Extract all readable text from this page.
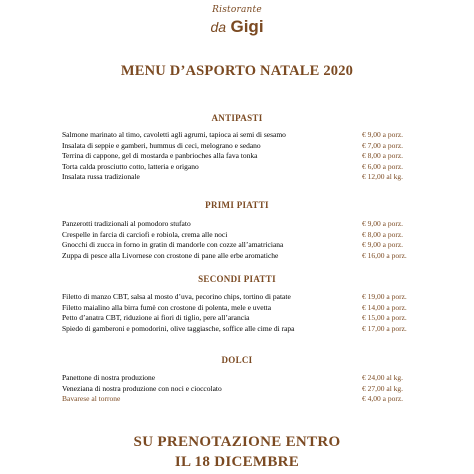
Ristorante
da Gigi
MENU D’ASPORTO NATALE 2020
ANTIPASTI
Salmone marinato al timo, cavoletti agli agrumi, tapioca ai semi di sesamo	€ 9,00 a porz.
Insalata di seppie e gamberi, hummus di ceci, melograno e sedano	€ 7,00 a porz.
Terrina di cappone, gel di mostarda e panbrioches alla fava tonka	€ 8,00 a porz.
Torta calda prosciutto cotto, latteria e origano	€ 6,00 a porz.
Insalata russa tradizionale	€ 12,00 al kg.
PRIMI PIATTI
Panzerotti tradizionali al pomodoro stufato	€ 9,00 a porz.
Crespelle in farcia di carciofi e robiola, crema alle noci	€ 8,00 a porz.
Gnocchi di zucca in forno in gratin di mandorle con cozze all’amatriciana	€ 9,00 a porz.
Zuppa di pesce alla Livornese con crostone di pane alle erbe aromatiche	€ 16,00 a porz.
SECONDI PIATTI
Filetto di manzo CBT, salsa al mosto d’uva, pecorino chips, tortino di patate	€ 19,00 a porz.
Filetto maialino alla birra fumè con crostone di polenta, mele e uvetta	€ 14,00 a porz.
Petto d’anatra CBT, riduzione ai fiori di tiglio, pere all’arancia	€ 15,00 a porz.
Spiedo di gamberoni e pomodorini, olive taggiasche, soffice alle cime di rapa	€ 17,00 a porz.
DOLCI
Panettone di nostra produzione	€ 24,00 al kg.
Veneziana di nostra produzione con noci e cioccolato	€ 27,00 al kg.
Bavarese al torrone	€ 4,00 a porz.
SU PRENOTAZIONE ENTRO
IL 18 DICEMBRE
